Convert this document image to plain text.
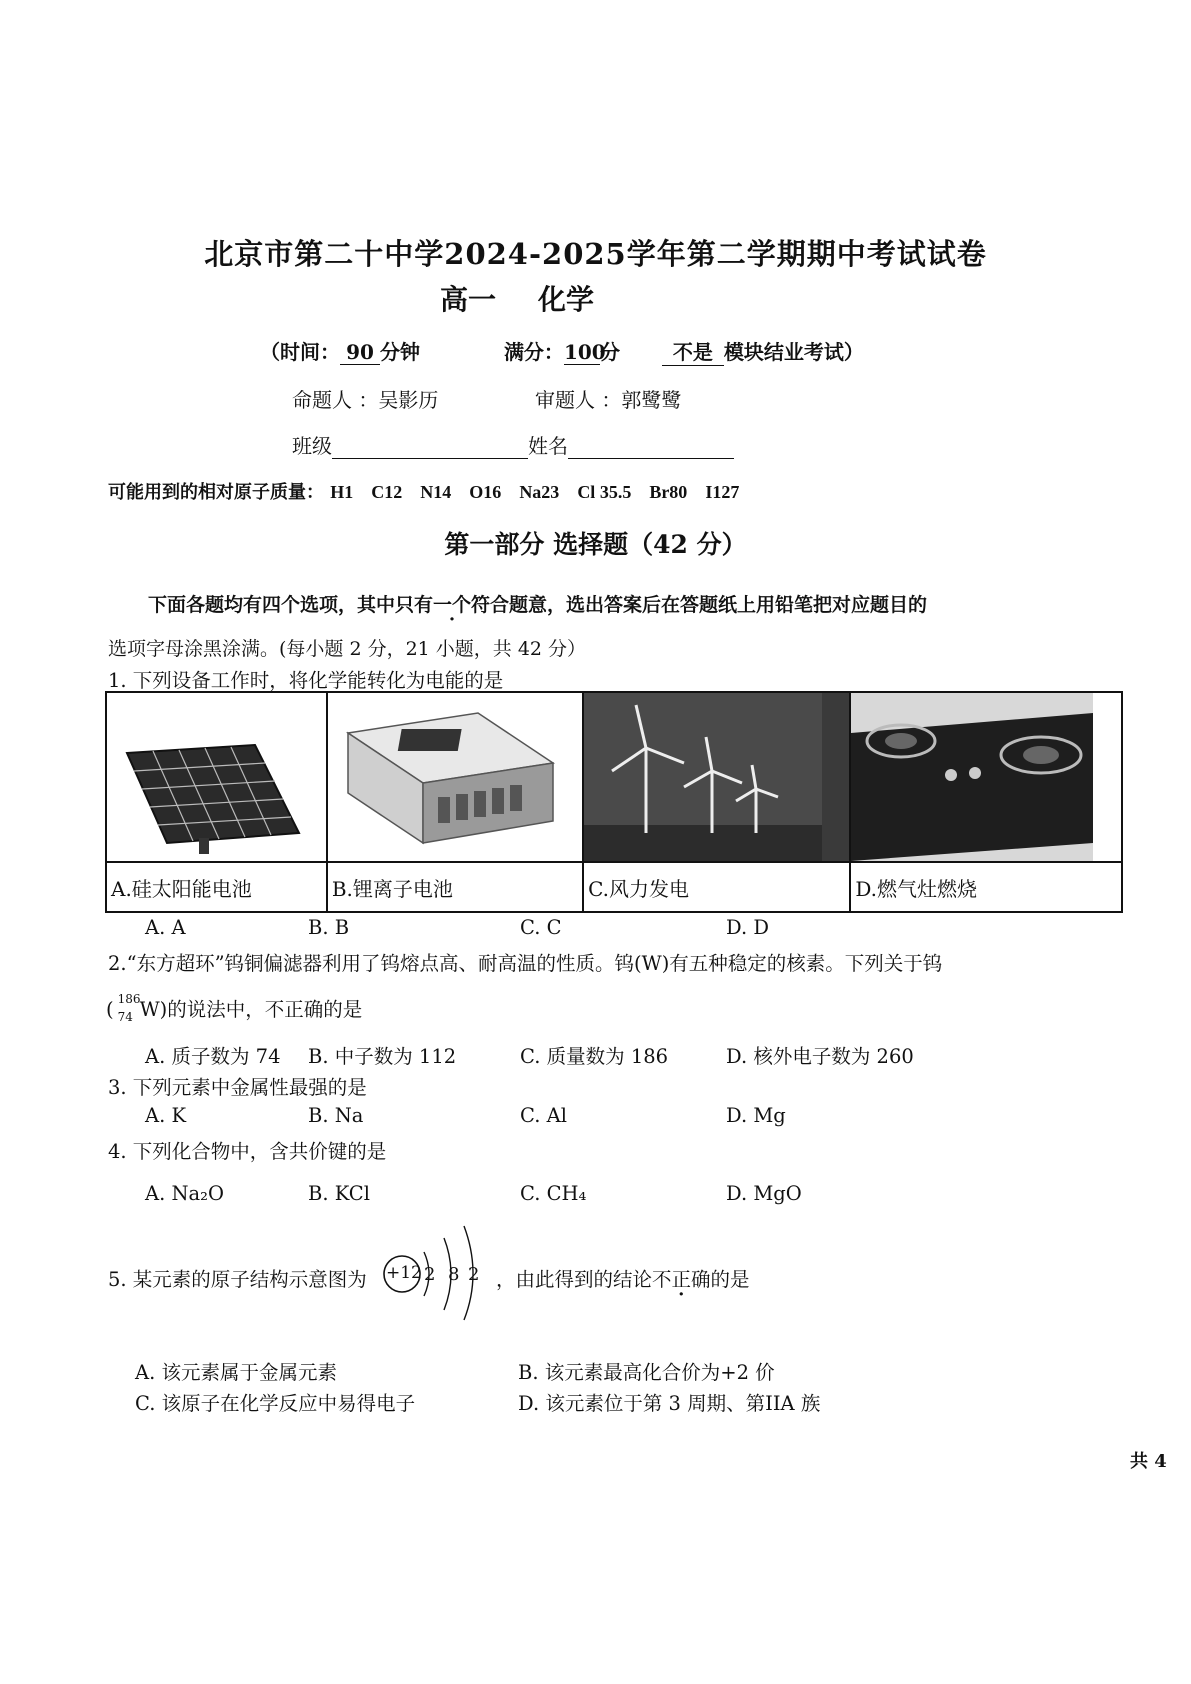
北京市第二十中学2024-2025学年第二学期期中考试试卷
高一 化学
（时间： 90 分钟	满分：100分	不是 模块结业考试）
命题人 ：吴影历	审题人 ：郭鹭鹭
班级	姓名
可能用到的相对原子质量： H1 C12 N14 O16 Na23 Cl 35.5 Br80 I127
第一部分 选择题（42 分）
下面各题均有四个选项，其中只有一个符合题意，选出答案后在答题纸上用铅笔把对应题目的
选项字母涂黑涂满。(每小题 2 分，21 小题，共 42 分）
1. 下列设备工作时，将化学能转化为电能的是

A.硅太阳能电池	B.锂离子电池	C.风力发电	D.燃气灶燃烧
A. A	B. B	C. C	D. D
2.“东方超环”钨铜偏滤器利用了钨熔点高、耐高温的性质。钨(W)有五种稳定的核素。下列关于钨
( 186
74 W)的说法中，不正确的是
A. 质子数为 74 B. 中子数为 112	C. 质量数为 186	D. 核外电子数为 260
3. 下列元素中金属性最强的是
A. K	B. Na	C. Al	D. Mg
4. 下列化合物中，含共价键的是
A. Na₂O	B. KCl	C. CH₄	D. MgO
5. 某元素的原子结构示意图为 +12 2 8 2 ，由此得到的结论不正确的是
A. 该元素属于金属元素	B. 该元素最高化合价为+2 价
C. 该原子在化学反应中易得电子	D. 该元素位于第 3 周期、第IIA 族
共 4
